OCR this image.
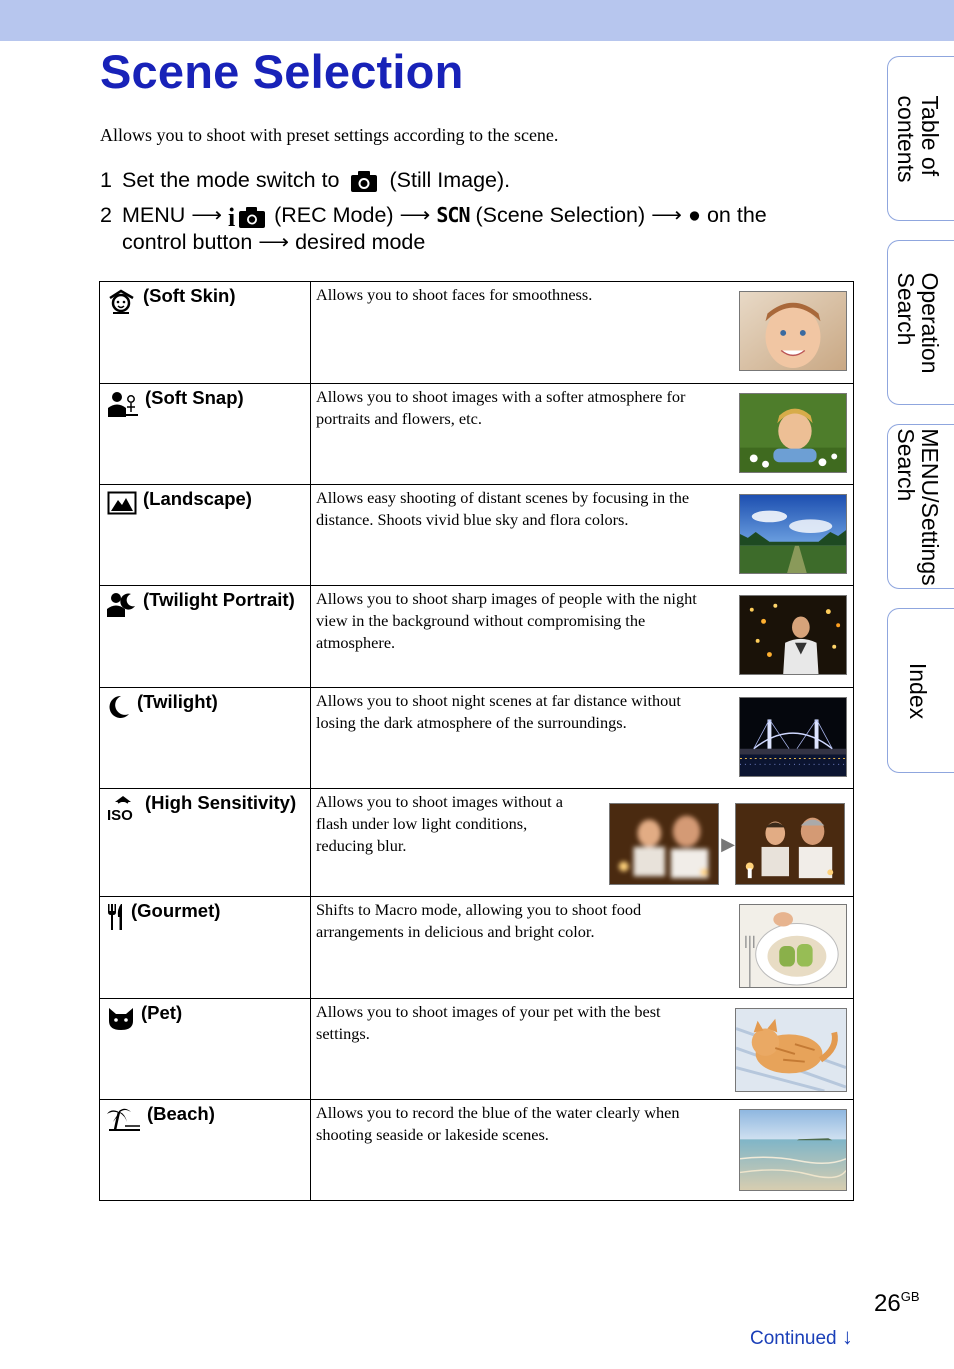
Scene Selection
Allows you to shoot with preset settings according to the scene.
1 Set the mode switch to (Still Image).
2 MENU ⟶ i (REC Mode) ⟶ SCN (Scene Selection) ⟶ ● on the
control button ⟶ desired mode
(Soft Skin)	Allows you to shoot faces for smoothness.

(Soft Snap)	Allows you to shoot images with a softer atmosphere for portraits and flowers, etc.

(Landscape)	Allows easy shooting of distant scenes by focusing in the distance. Shoots vivid blue sky and flora colors.

(Twilight Portrait)	Allows you to shoot sharp images of people with the night view in the background without compromising the atmosphere.

(Twilight)	Allows you to shoot night scenes at far distance without losing the dark atmosphere of the surroundings.

ISO
(High Sensitivity)	Allows you to shoot images without a flash under low light conditions, reducing blur. ▶

(Gourmet)	Shifts to Macro mode, allowing you to shoot food arrangements in delicious and bright color.

(Pet)	Allows you to shoot images of your pet with the best settings.

(Beach)	Allows you to record the blue of the water clearly when shooting seaside or lakeside scenes.
Table of
contents
Operation
Search
MENU/Settings
Search
Index
$26^{GB}$
Continued ↓
